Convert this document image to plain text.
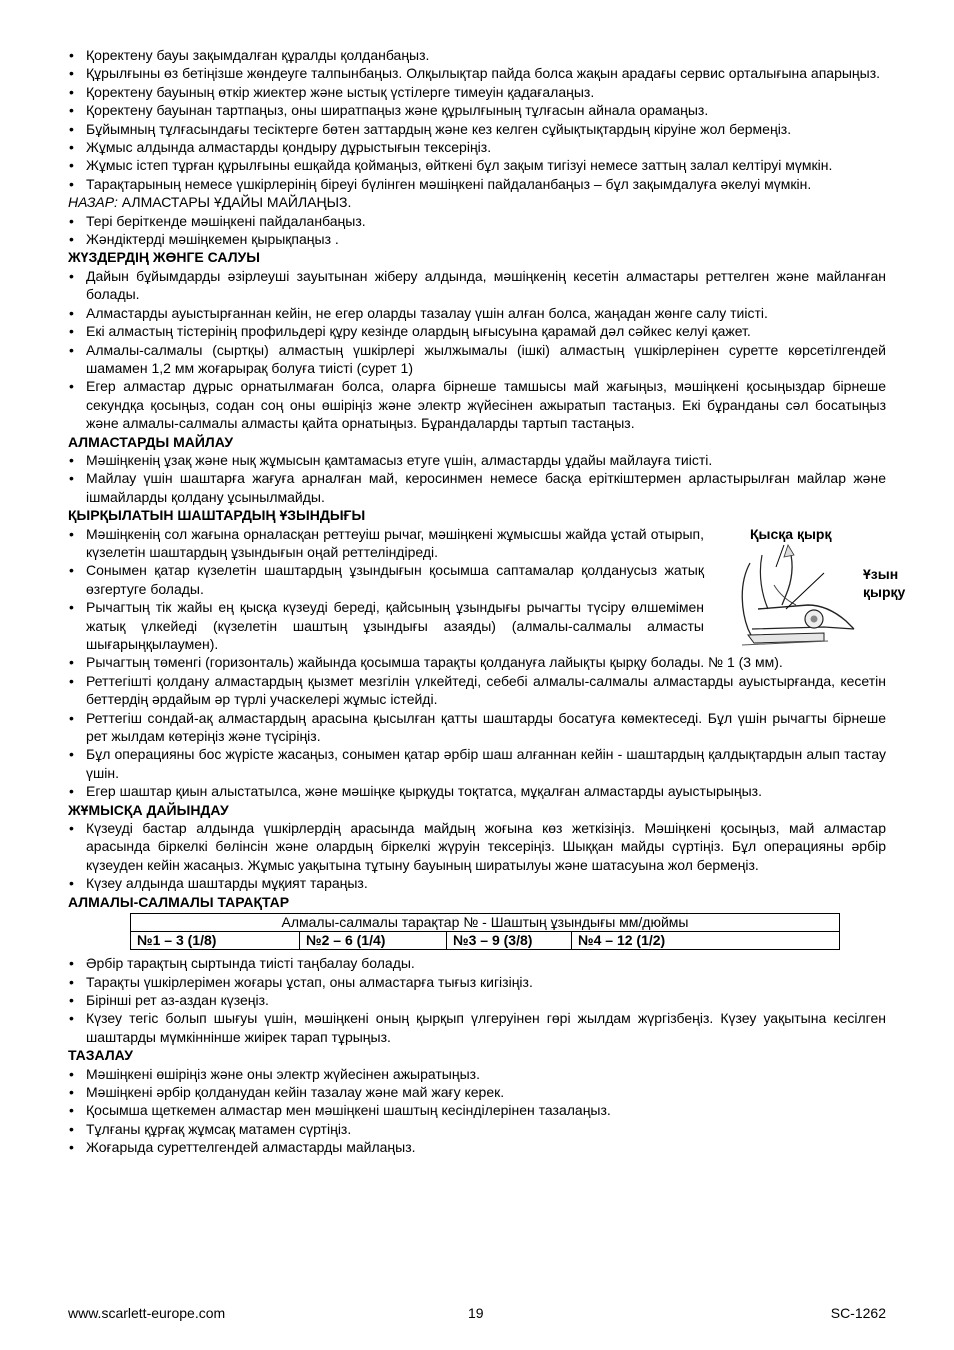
• Қоректену бауы зақымдалған құралды қолданбаңыз.
• Құрылғыны өз бетіңізше жөндеуге талпынбаңыз. Олқылықтар пайда болса жақын арадағы сервис орталығына апарыңыз.
• Қоректену бауының өткір жиектер және ыстық үстілерге тимеуін қадағалаңыз.
• Қоректену бауынан тартпаңыз, оны ширатпаңыз және құрылғының тұлғасын айнала орамаңыз.
• Бұйымның тұлғасындағы тесіктерге бөтен заттардың және кез келген сұйықтықтардың кіруіне жол бермеңіз.
• Жұмыс алдында алмастарды қондыру дұрыстығын тексеріңіз.
• Жұмыс істеп тұрған құрылғыны ешқайда қоймаңыз, өйткені бұл зақым тигізуі немесе заттың залал келтіруі мүмкін.
• Тарақтарының немесе үшкірлерінің біреуі бүлінген мәшіңкені пайдаланбаңыз – бұл зақымдалуға әкелуі мүмкін.

НАЗАР: АЛМАСТАРЫ ҰДАЙЫ МАЙЛАҢЫЗ.

• Тері беріткенде мәшіңкені пайдаланбаңыз.
• Жәндіктерді мәшіңкемен қырықпаңыз .

ЖҮЗДЕРДІҢ ЖӨНГЕ САЛУЫ

• Дайын бұйымдарды әзірлеуші зауытынан жіберу алдында, мәшіңкенің кесетін алмастары реттелген және майланған болады.
• Алмастарды ауыстырғаннан кейін, не егер оларды тазалау үшін алған болса, жаңадан жөнге салу тиісті.
• Екі алмастың тістерінің профильдері құру кезінде олардың ығысуына қарамай дәл сәйкес келуі қажет.
• Алмалы-салмалы (сыртқы) алмастың үшкірлері жылжымалы (ішкі) алмастың үшкірлерінен суретте көрсетілгендей шамамен 1,2 мм жоғарырақ болуға тиісті (сурет 1)
• Егер алмастар дұрыс орнатылмаған болса, оларға бірнеше тамшысы май жағыңыз, мәшіңкені қосыңыздар бірнеше секундқа қосыңыз, содан соң оны өшіріңіз және электр жүйесінен ажыратып тастаңыз. Екі бұранданы сәл босатыңыз және алмалы-салмалы алмасты қайта орнатыңыз. Бұрандаларды тартып тастаңыз.

АЛМАСТАРДЫ МАЙЛАУ

• Мәшіңкенің ұзақ және нық жұмысын қамтамасыз етуге үшін, алмастарды ұдайы майлауға тиісті.
• Майлау үшін шаштарға жағуға арналған май, керосинмен немесе басқа еріткіштермен арластырылған майлар және ішмайларды қолдану ұсынылмайды.

ҚЫРҚЫЛАТЫН ШАШТАРДЫҢ ҰЗЫНДЫҒЫ

• Мәшіңкенің сол жағына орналасқан реттеуіш рычаг, мәшіңкені жұмысшы жайда ұстай отырып, күзелетін шаштардың ұзындығын оңай реттеліндіреді.
• Сонымен қатар күзелетін шаштардың ұзындығын қосымша саптамалар қолданусыз жатық өзгертуге болады.
• Рычагтың тік жайы ең қысқа күзеуді береді, қайсының ұзындығы рычагты түсіру өлшемімен жатық үлкейеді (күзелетін шаштың ұзындығы азаяды) (алмалы-салмалы алмасты шығарыңқылаумен).
Қысқа қырқ
Ұзын
қырқу
• Рычагтың төменгі (горизонталь) жайында қосымша тарақты қолдануға лайықты қырқу болады. № 1 (3 мм).
• Реттегішті қолдану алмастардың қызмет мезгілін үлкейтеді, себебі алмалы-салмалы алмастарды ауыстырғанда, кесетін беттердің әрдайым әр түрлі учаскелері жұмыс істейді.
• Реттегіш сондай-ақ алмастардың арасына қысылған қатты шаштарды босатуға көмектеседі. Бұл үшін рычагты бірнеше рет жылдам көтеріңіз және түсіріңіз.
• Бұл операцияны бос жүрісте жасаңыз, сонымен қатар әрбір шаш алғаннан кейін - шаштардың қалдықтардын алып тастау үшін.
• Егер шаштар қиын алыстатылса, және мәшіңке қырқуды тоқтатса, мұқалған алмастарды ауыстырыңыз.

ЖҰМЫСҚА ДАЙЫНДАУ

• Күзеуді бастар алдында үшкірлердің арасында майдың жоғына көз жеткізіңіз. Мәшіңкені қосыңыз, май алмастар арасында біркелкі бөлінсін және олардың біркелкі жүруін тексеріңіз. Шыққан майды сүртіңіз. Бұл операцияны әрбір күзеуден кейін жасаңыз. Жұмыс уақытына тұтыну бауының ширатылуы және шатасуына жол бермеңіз.
• Күзеу алдында шаштарды мұқият тараңыз.

АЛМАЛЫ-САЛМАЛЫ ТАРАҚТАР

Алмалы-салмалы тарақтар № - Шаштың ұзындығы мм/дюймы
№1 – 3 (1/8)	№2 – 6 (1/4)	№3 – 9 (3/8)	№4 – 12 (1/2)
• Әрбір тарақтың сыртында тиісті таңбалау болады.
• Тарақты үшкірлерімен жоғары ұстап, оны алмастарға тығыз кигізіңіз.
• Бірінші рет аз-аздан күзеңіз.
• Күзеу тегіс болып шығуы үшін, мәшіңкені оның қырқып үлгеруінен гөрі жылдам жүргізбеңіз. Күзеу уақытына кесілген шаштарды мүмкіннінше жиірек тарап тұрыңыз.

ТАЗАЛАУ

• Мәшіңкені өшіріңіз және оны электр жүйесінен ажыратыңыз.
• Мәшіңкені әрбір қолданудан кейін тазалау және май жағу керек.
• Қосымша щеткемен алмастар мен мәшіңкені шаштың кесінділерінен тазалаңыз.
• Тұлғаны құрғақ жұмсақ матамен сүртіңіз.
• Жоғарыда суреттелгендей алмастарды майлаңыз.
www.scarlett-europe.com	19	SC-1262
